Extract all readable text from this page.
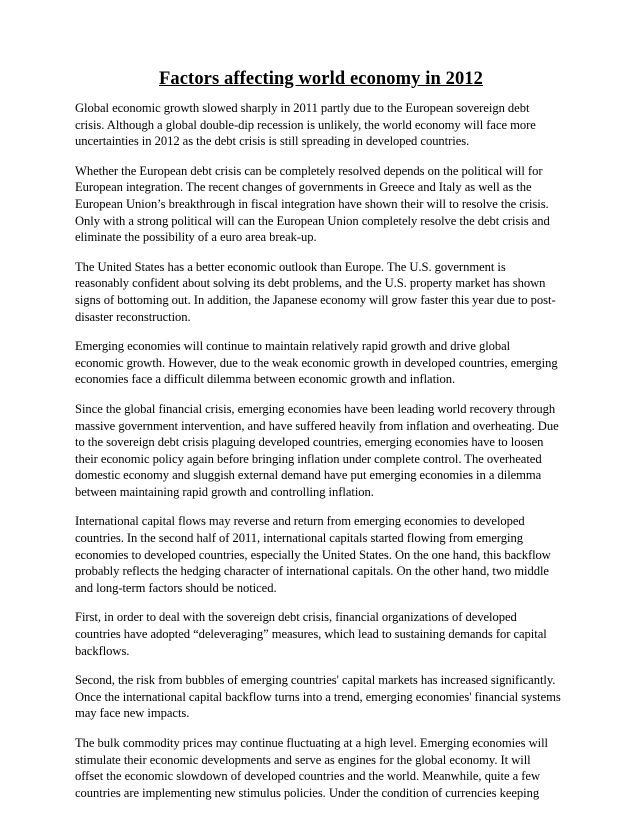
Factors affecting world economy in 2012

Global economic growth slowed sharply in 2011 partly due to the European sovereign debt
crisis. Although a global double-dip recession is unlikely, the world economy will face more
uncertainties in 2012 as the debt crisis is still spreading in developed countries.

Whether the European debt crisis can be completely resolved depends on the political will for
European integration. The recent changes of governments in Greece and Italy as well as the
European Union’s breakthrough in fiscal integration have shown their will to resolve the crisis.
Only with a strong political will can the European Union completely resolve the debt crisis and
eliminate the possibility of a euro area break-up.

The United States has a better economic outlook than Europe. The U.S. government is
reasonably confident about solving its debt problems, and the U.S. property market has shown
signs of bottoming out. In addition, the Japanese economy will grow faster this year due to post-
disaster reconstruction.

Emerging economies will continue to maintain relatively rapid growth and drive global
economic growth. However, due to the weak economic growth in developed countries, emerging
economies face a difficult dilemma between economic growth and inflation.

Since the global financial crisis, emerging economies have been leading world recovery through
massive government intervention, and have suffered heavily from inflation and overheating. Due
to the sovereign debt crisis plaguing developed countries, emerging economies have to loosen
their economic policy again before bringing inflation under complete control. The overheated
domestic economy and sluggish external demand have put emerging economies in a dilemma
between maintaining rapid growth and controlling inflation.

International capital flows may reverse and return from emerging economies to developed
countries. In the second half of 2011, international capitals started flowing from emerging
economies to developed countries, especially the United States. On the one hand, this backflow
probably reflects the hedging character of international capitals. On the other hand, two middle
and long-term factors should be noticed.

First, in order to deal with the sovereign debt crisis, financial organizations of developed
countries have adopted “deleveraging” measures, which lead to sustaining demands for capital
backflows.

Second, the risk from bubbles of emerging countries' capital markets has increased significantly.
Once the international capital backflow turns into a trend, emerging economies' financial systems
may face new impacts.

The bulk commodity prices may continue fluctuating at a high level. Emerging economies will
stimulate their economic developments and serve as engines for the global economy. It will
offset the economic slowdown of developed countries and the world. Meanwhile, quite a few
countries are implementing new stimulus policies. Under the condition of currencies keeping
